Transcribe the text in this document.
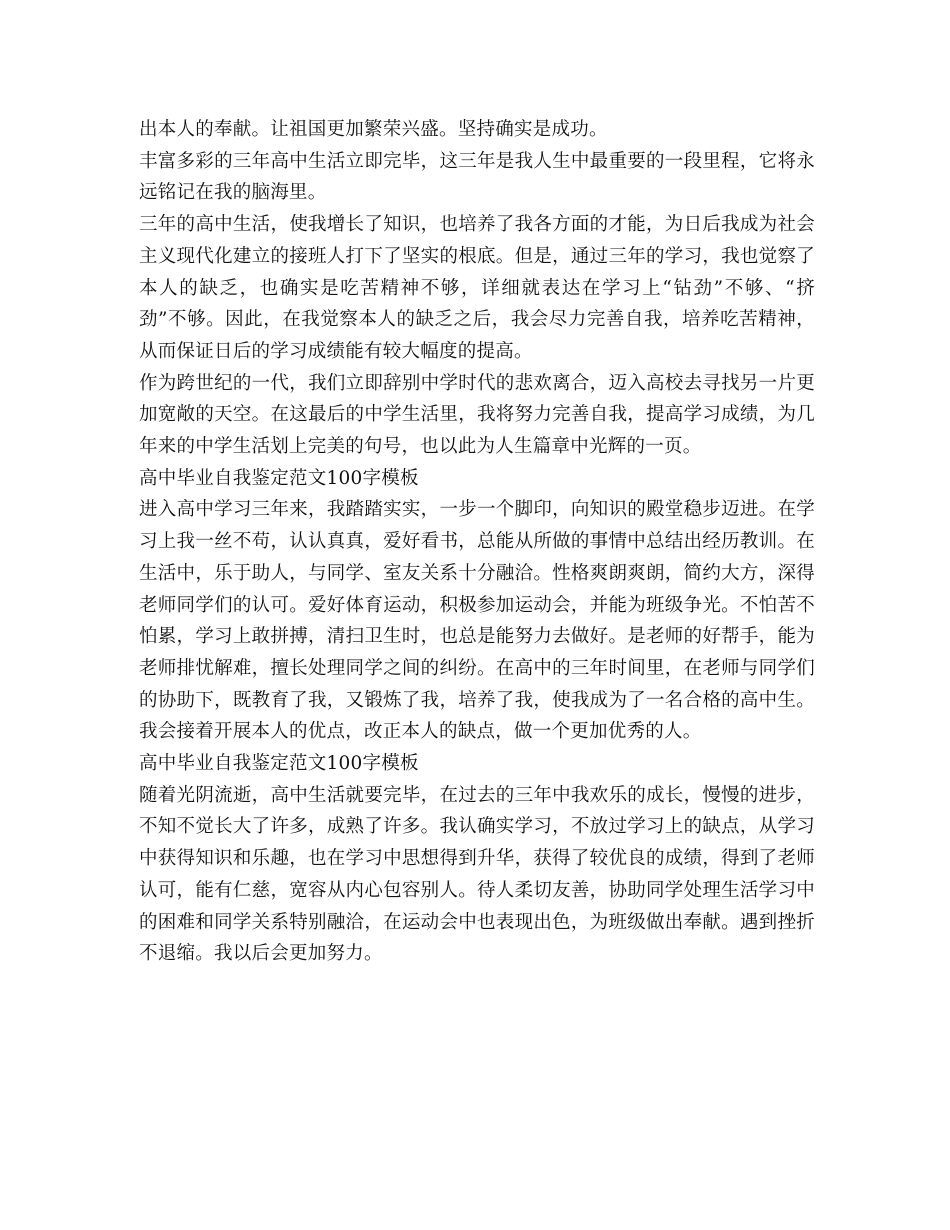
出本人的奉献。让祖国更加繁荣兴盛。坚持确实是成功。

丰富多彩的三年高中生活立即完毕，这三年是我人生中最重要的一段里程，它将永远铭记在我的脑海里。

三年的高中生活，使我增长了知识，也培养了我各方面的才能，为日后我成为社会主义现代化建立的接班人打下了坚实的根底。但是，通过三年的学习，我也觉察了本人的缺乏，也确实是吃苦精神不够，详细就表达在学习上“钻劲”不够、“挤劲”不够。因此，在我觉察本人的缺乏之后，我会尽力完善自我，培养吃苦精神，从而保证日后的学习成绩能有较大幅度的提高。

作为跨世纪的一代，我们立即辞别中学时代的悲欢离合，迈入高校去寻找另一片更加宽敞的天空。在这最后的中学生活里，我将努力完善自我，提高学习成绩，为几年来的中学生活划上完美的句号，也以此为人生篇章中光辉的一页。

高中毕业自我鉴定范文100字模板

进入高中学习三年来，我踏踏实实，一步一个脚印，向知识的殿堂稳步迈进。在学习上我一丝不苟，认认真真，爱好看书，总能从所做的事情中总结出经历教训。在生活中，乐于助人，与同学、室友关系十分融洽。性格爽朗爽朗，简约大方，深得老师同学们的认可。爱好体育运动，积极参加运动会，并能为班级争光。不怕苦不怕累，学习上敢拼搏，清扫卫生时，也总是能努力去做好。是老师的好帮手，能为老师排忧解难，擅长处理同学之间的纠纷。在高中的三年时间里，在老师与同学们的协助下，既教育了我，又锻炼了我，培养了我，使我成为了一名合格的高中生。我会接着开展本人的优点，改正本人的缺点，做一个更加优秀的人。

高中毕业自我鉴定范文100字模板

随着光阴流逝，高中生活就要完毕，在过去的三年中我欢乐的成长，慢慢的进步，不知不觉长大了许多，成熟了许多。我认确实学习，不放过学习上的缺点，从学习中获得知识和乐趣，也在学习中思想得到升华，获得了较优良的成绩，得到了老师认可，能有仁慈，宽容从内心包容别人。待人柔切友善，协助同学处理生活学习中的困难和同学关系特别融洽，在运动会中也表现出色，为班级做出奉献。遇到挫折不退缩。我以后会更加努力。
